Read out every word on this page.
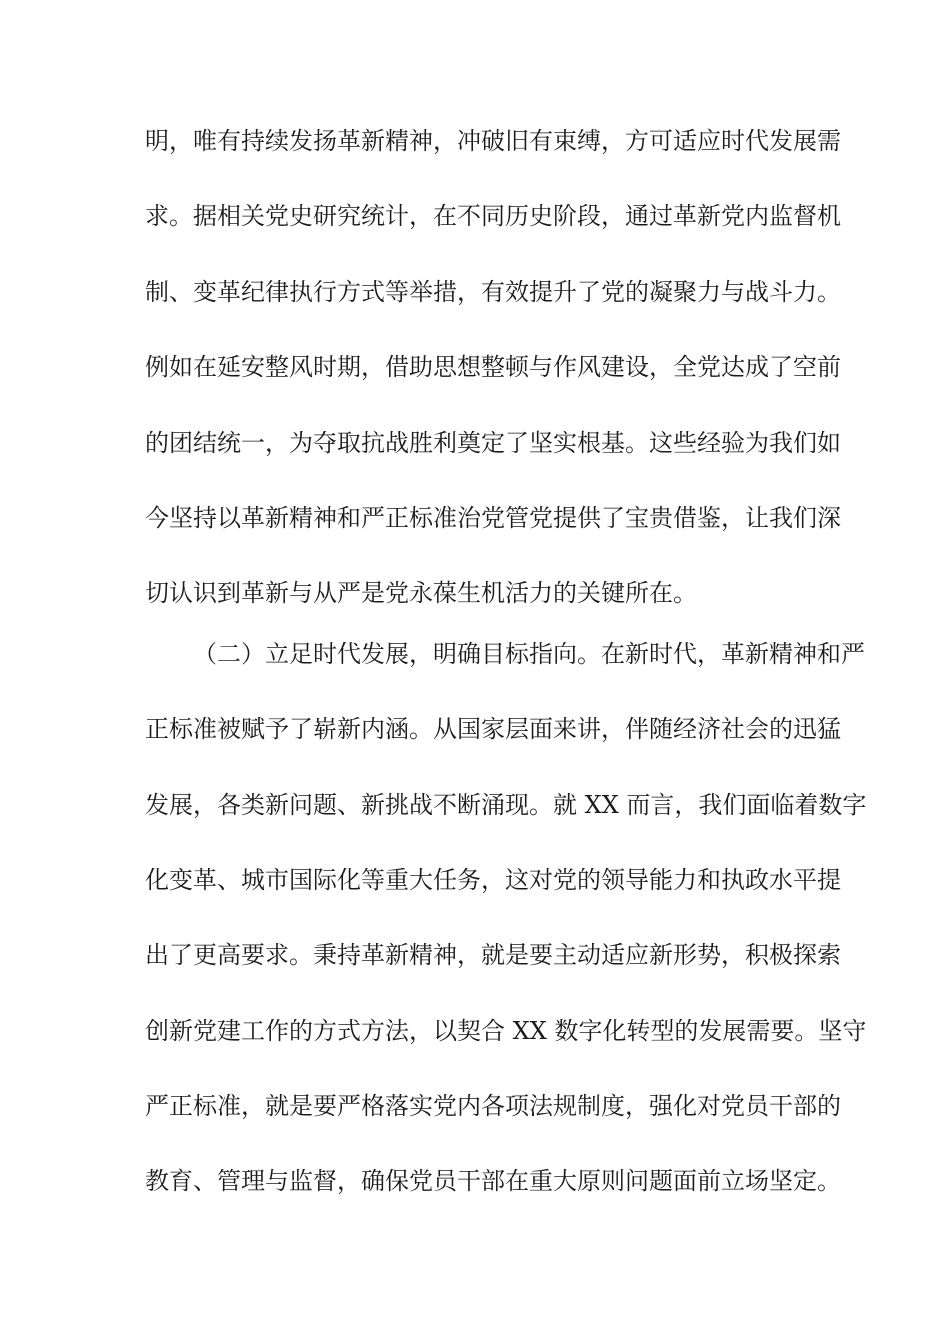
明，唯有持续发扬革新精神，冲破旧有束缚，方可适应时代发展需
求。据相关党史研究统计，在不同历史阶段，通过革新党内监督机
制、变革纪律执行方式等举措，有效提升了党的凝聚力与战斗力。
例如在延安整风时期，借助思想整顿与作风建设，全党达成了空前
的团结统一，为夺取抗战胜利奠定了坚实根基。这些经验为我们如
今坚持以革新精神和严正标准治党管党提供了宝贵借鉴，让我们深
切认识到革新与从严是党永葆生机活力的关键所在。
（二）立足时代发展，明确目标指向。在新时代，革新精神和严
正标准被赋予了崭新内涵。从国家层面来讲，伴随经济社会的迅猛
发展，各类新问题、新挑战不断涌现。就 XX 而言，我们面临着数字
化变革、城市国际化等重大任务，这对党的领导能力和执政水平提
出了更高要求。秉持革新精神，就是要主动适应新形势，积极探索
创新党建工作的方式方法，以契合 XX 数字化转型的发展需要。坚守
严正标准，就是要严格落实党内各项法规制度，强化对党员干部的
教育、管理与监督，确保党员干部在重大原则问题面前立场坚定。
